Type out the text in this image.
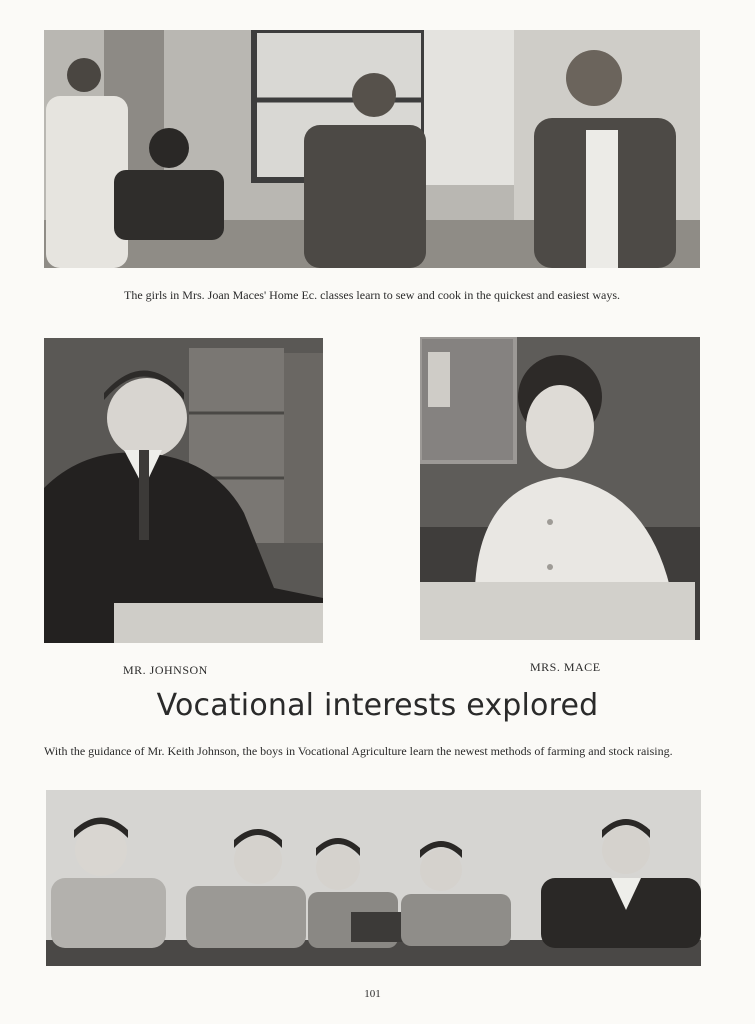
The girls in Mrs. Joan Maces' Home Ec. classes learn to sew and cook in the quickest and easiest ways.
MR. JOHNSON	MRS. MACE
Vocational interests explored
With the guidance of Mr. Keith Johnson, the boys in Vocational Agriculture learn the newest methods of farming and stock raising.
101
